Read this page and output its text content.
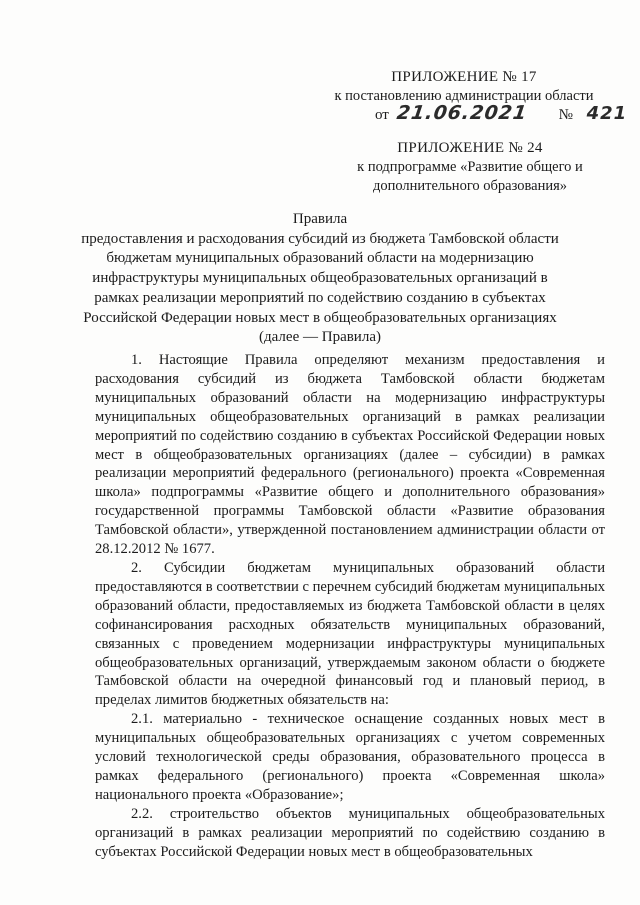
ПРИЛОЖЕНИЕ № 17
к постановлению администрации области
от 21.06.2021 № 421
ПРИЛОЖЕНИЕ № 24
к подпрограмме «Развитие общего и
дополнительного образования»
Правила
предоставления и расходования субсидий из бюджета Тамбовской области бюджетам муниципальных образований области на модернизацию инфраструктуры муниципальных общеобразовательных организаций в рамках реализации мероприятий по содействию созданию в субъектах Российской Федерации новых мест в общеобразовательных организациях (далее — Правила)

1. Настоящие Правила определяют механизм предоставления и расходования субсидий из бюджета Тамбовской области бюджетам муниципальных образований области на модернизацию инфраструктуры муниципальных общеобразовательных организаций в рамках реализации мероприятий по содействию созданию в субъектах Российской Федерации новых мест в общеобразовательных организациях (далее – субсидии) в рамках реализации мероприятий федерального (регионального) проекта «Современная школа» подпрограммы «Развитие общего и дополнительного образования» государственной программы Тамбовской области «Развитие образования Тамбовской области», утвержденной постановлением администрации области от 28.12.2012 № 1677.

2. Субсидии бюджетам муниципальных образований области предоставляются в соответствии с перечнем субсидий бюджетам муниципальных образований области, предоставляемых из бюджета Тамбовской области в целях софинансирования расходных обязательств муниципальных образований, связанных с проведением модернизации инфраструктуры муниципальных общеобразовательных организаций, утверждаемым законом области о бюджете Тамбовской области на очередной финансовый год и плановый период, в пределах лимитов бюджетных обязательств на:

2.1. материально - техническое оснащение созданных новых мест в муниципальных общеобразовательных организациях с учетом современных условий технологической среды образования, образовательного процесса в рамках федерального (регионального) проекта «Современная школа» национального проекта «Образование»;

2.2. строительство объектов муниципальных общеобразовательных организаций в рамках реализации мероприятий по содействию созданию в субъектах Российской Федерации новых мест в общеобразовательных
